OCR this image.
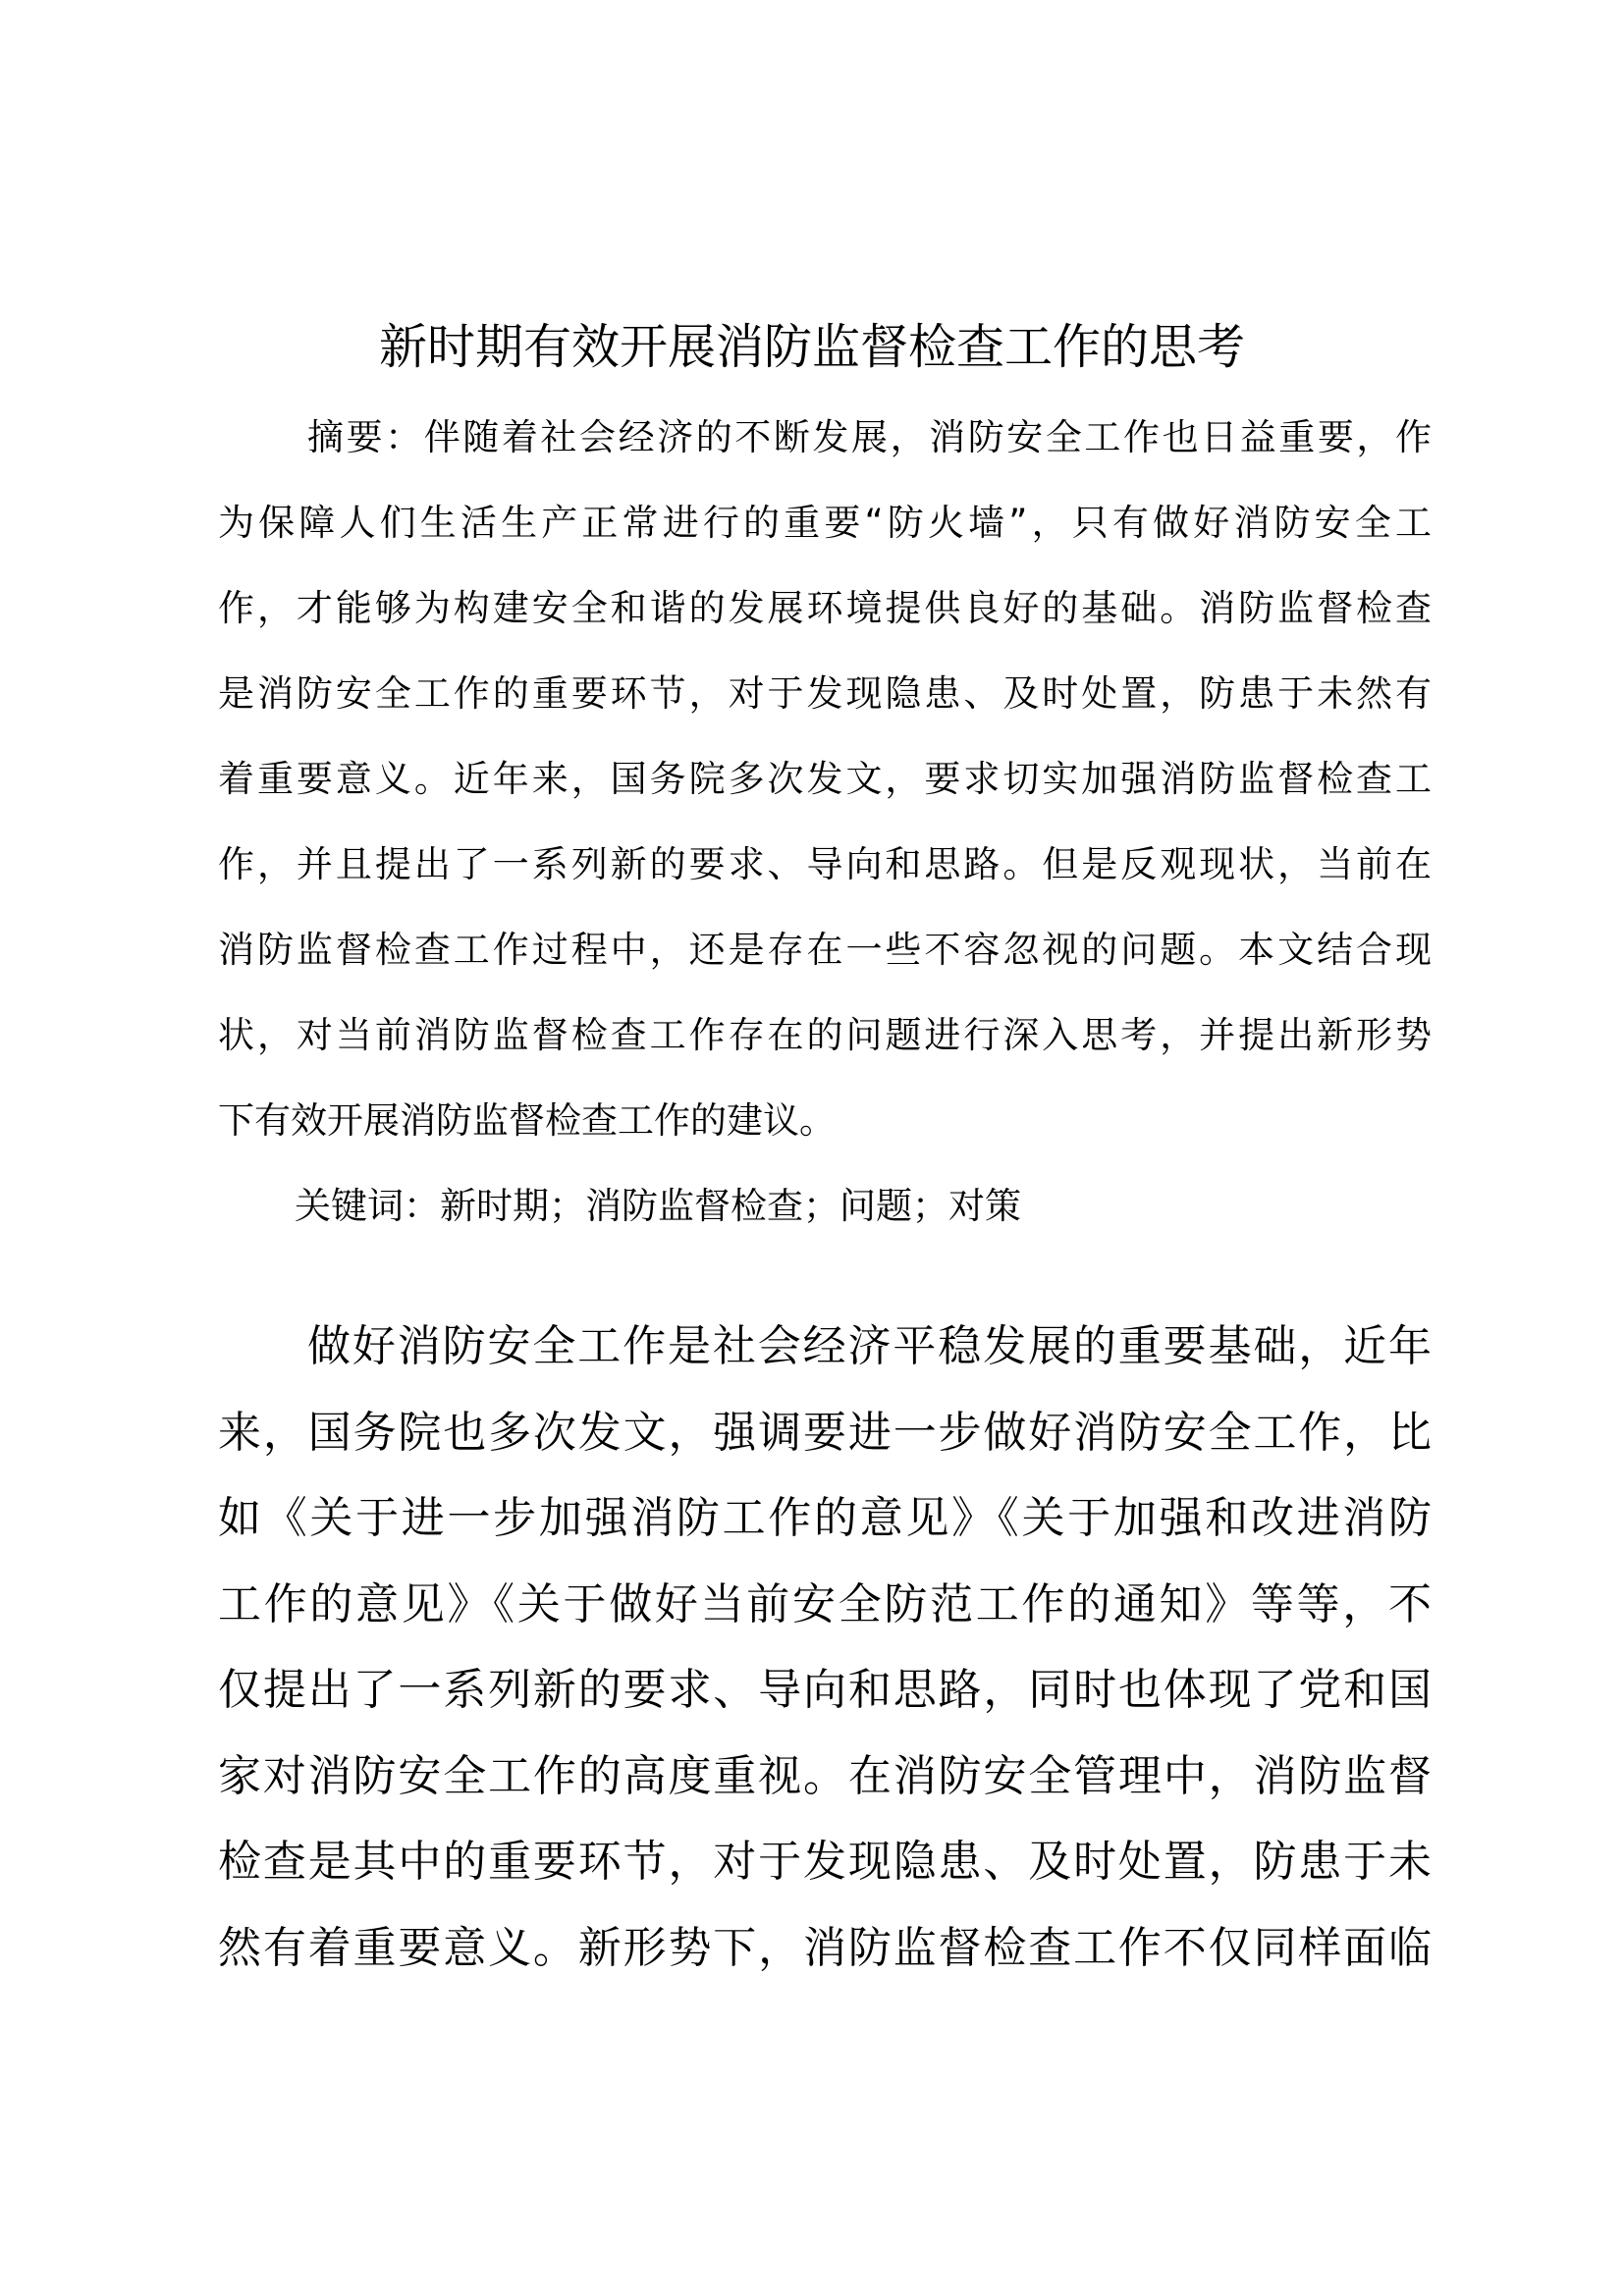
新时期有效开展消防监督检查工作的思考
摘要：伴随着社会经济的不断发展，消防安全工作也日益重要，作
为保障人们生活生产正常进行的重要“防火墙”，只有做好消防安全工
作，才能够为构建安全和谐的发展环境提供良好的基础。消防监督检查
是消防安全工作的重要环节，对于发现隐患、及时处置，防患于未然有
着重要意义。近年来，国务院多次发文，要求切实加强消防监督检查工
作，并且提出了一系列新的要求、导向和思路。但是反观现状，当前在
消防监督检查工作过程中，还是存在一些不容忽视的问题。本文结合现
状，对当前消防监督检查工作存在的问题进行深入思考，并提出新形势
下有效开展消防监督检查工作的建议。
关键词：新时期；消防监督检查；问题；对策
做好消防安全工作是社会经济平稳发展的重要基础，近年
来，国务院也多次发文，强调要进一步做好消防安全工作，比
如《关于进一步加强消防工作的意见》《关于加强和改进消防
工作的意见》《关于做好当前安全防范工作的通知》等等，不
仅提出了一系列新的要求、导向和思路，同时也体现了党和国
家对消防安全工作的高度重视。在消防安全管理中，消防监督
检查是其中的重要环节，对于发现隐患、及时处置，防患于未
然有着重要意义。新形势下，消防监督检查工作不仅同样面临
